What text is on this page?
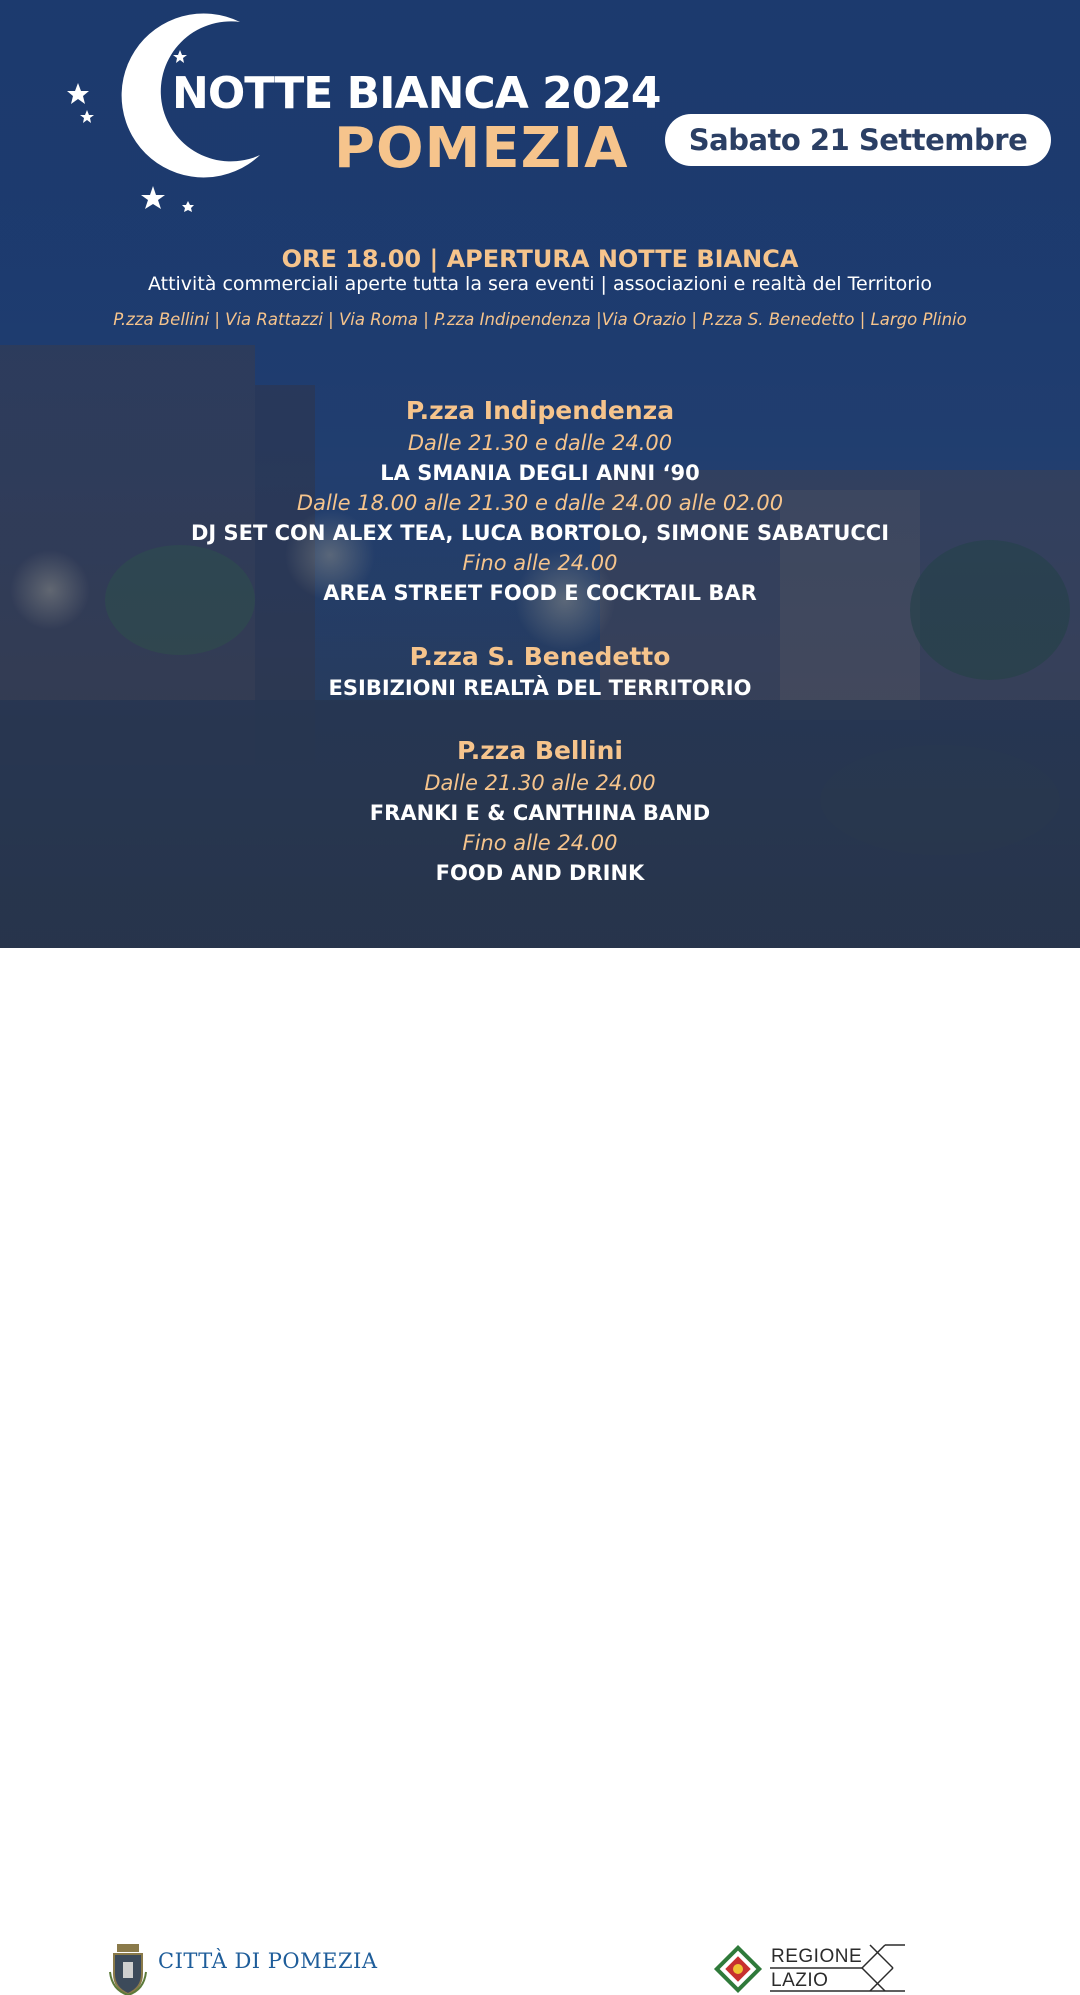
NOTTE BIANCA 2024
POMEZIA	Sabato 21 Settembre
ORE 18.00 | APERTURA NOTTE BIANCA
Attività commerciali aperte tutta la sera eventi | associazioni e realtà del Territorio
P.zza Bellini | Via Rattazzi | Via Roma | P.zza Indipendenza |Via Orazio | P.zza S. Benedetto | Largo Plinio
P.zza Indipendenza
Dalle 21.30 e dalle 24.00
LA SMANIA DEGLI ANNI ‘90
Dalle 18.00 alle 21.30 e dalle 24.00 alle 02.00
DJ SET CON ALEX TEA, LUCA BORTOLO, SIMONE SABATUCCI
Fino alle 24.00
AREA STREET FOOD E COCKTAIL BAR
P.zza S. Benedetto
ESIBIZIONI REALTÀ DEL TERRITORIO
P.zza Bellini
Dalle 21.30 alle 24.00
FRANKI E & CANTHINA BAND
Fino alle 24.00
FOOD AND DRINK
CITTÀ DI POMEZIA	REGIONE
LAZIO
